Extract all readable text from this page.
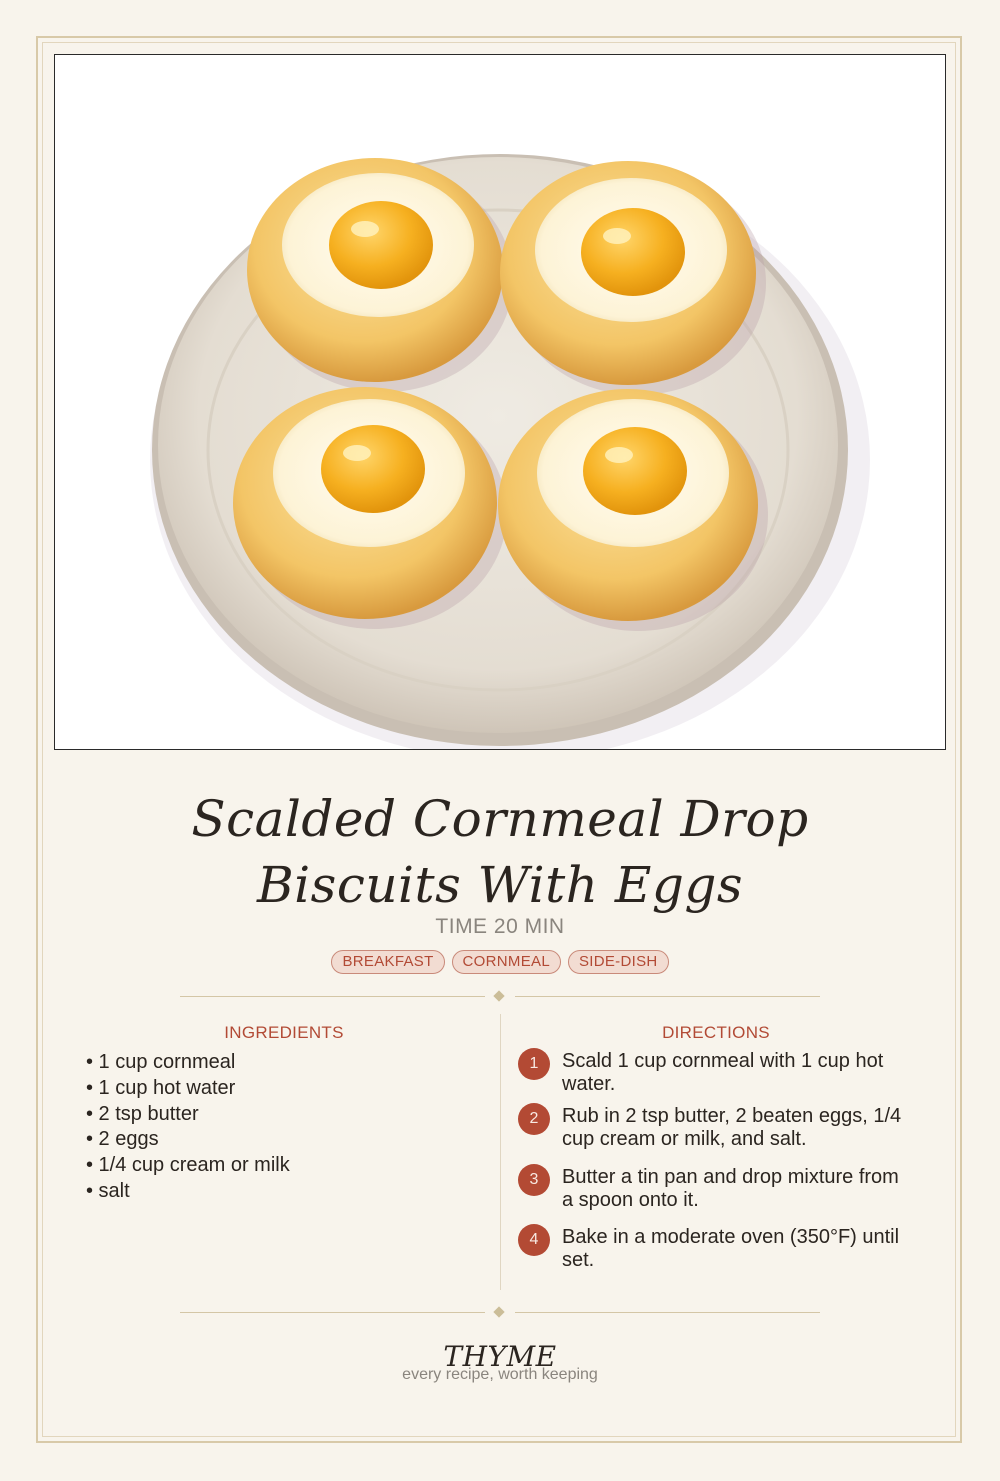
Scalded Cornmeal Drop Biscuits With Eggs
TIME 20 MIN
BREAKFAST	CORNMEAL	SIDE-DISH
INGREDIENTS
• 1 cup cornmeal
• 1 cup hot water
• 2 tsp butter
• 2 eggs
• 1/4 cup cream or milk
• salt
DIRECTIONS
1	Scald 1 cup cornmeal with 1 cup hot water.
2	Rub in 2 tsp butter, 2 beaten eggs, 1/4 cup cream or milk, and salt.
3	Butter a tin pan and drop mixture from a spoon onto it.
4	Bake in a moderate oven (350°F) until set.
THYME
every recipe, worth keeping
